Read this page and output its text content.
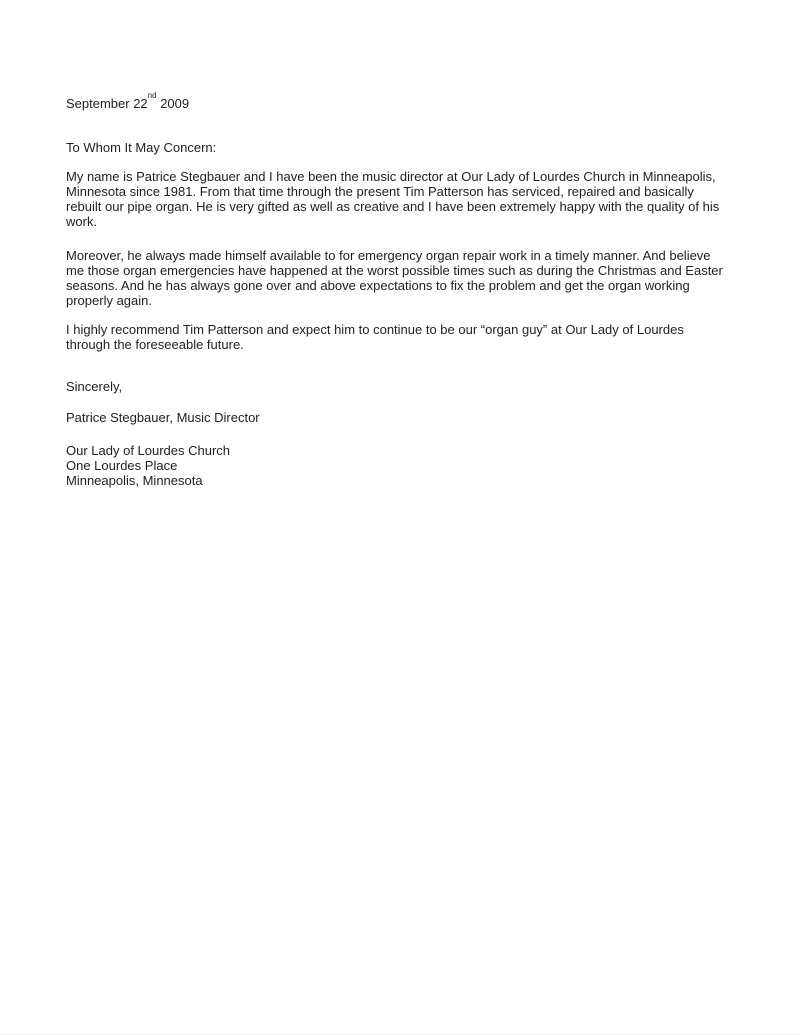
September 22nd 2009

To Whom It May Concern:

My name is Patrice Stegbauer and I have been the music director at Our Lady of Lourdes Church in Minneapolis, Minnesota since 1981. From that time through the present Tim Patterson has serviced, repaired and basically rebuilt our pipe organ. He is very gifted as well as creative and I have been extremely happy with the quality of his work.

Moreover, he always made himself available to for emergency organ repair work in a timely manner. And believe me those organ emergencies have happened at the worst possible times such as during the Christmas and Easter seasons. And he has always gone over and above expectations to fix the problem and get the organ working properly again.

I highly recommend Tim Patterson and expect him to continue to be our “organ guy” at Our Lady of Lourdes through the foreseeable future.

Sincerely,

Patrice Stegbauer, Music Director

Our Lady of Lourdes Church

One Lourdes Place

Minneapolis, Minnesota
